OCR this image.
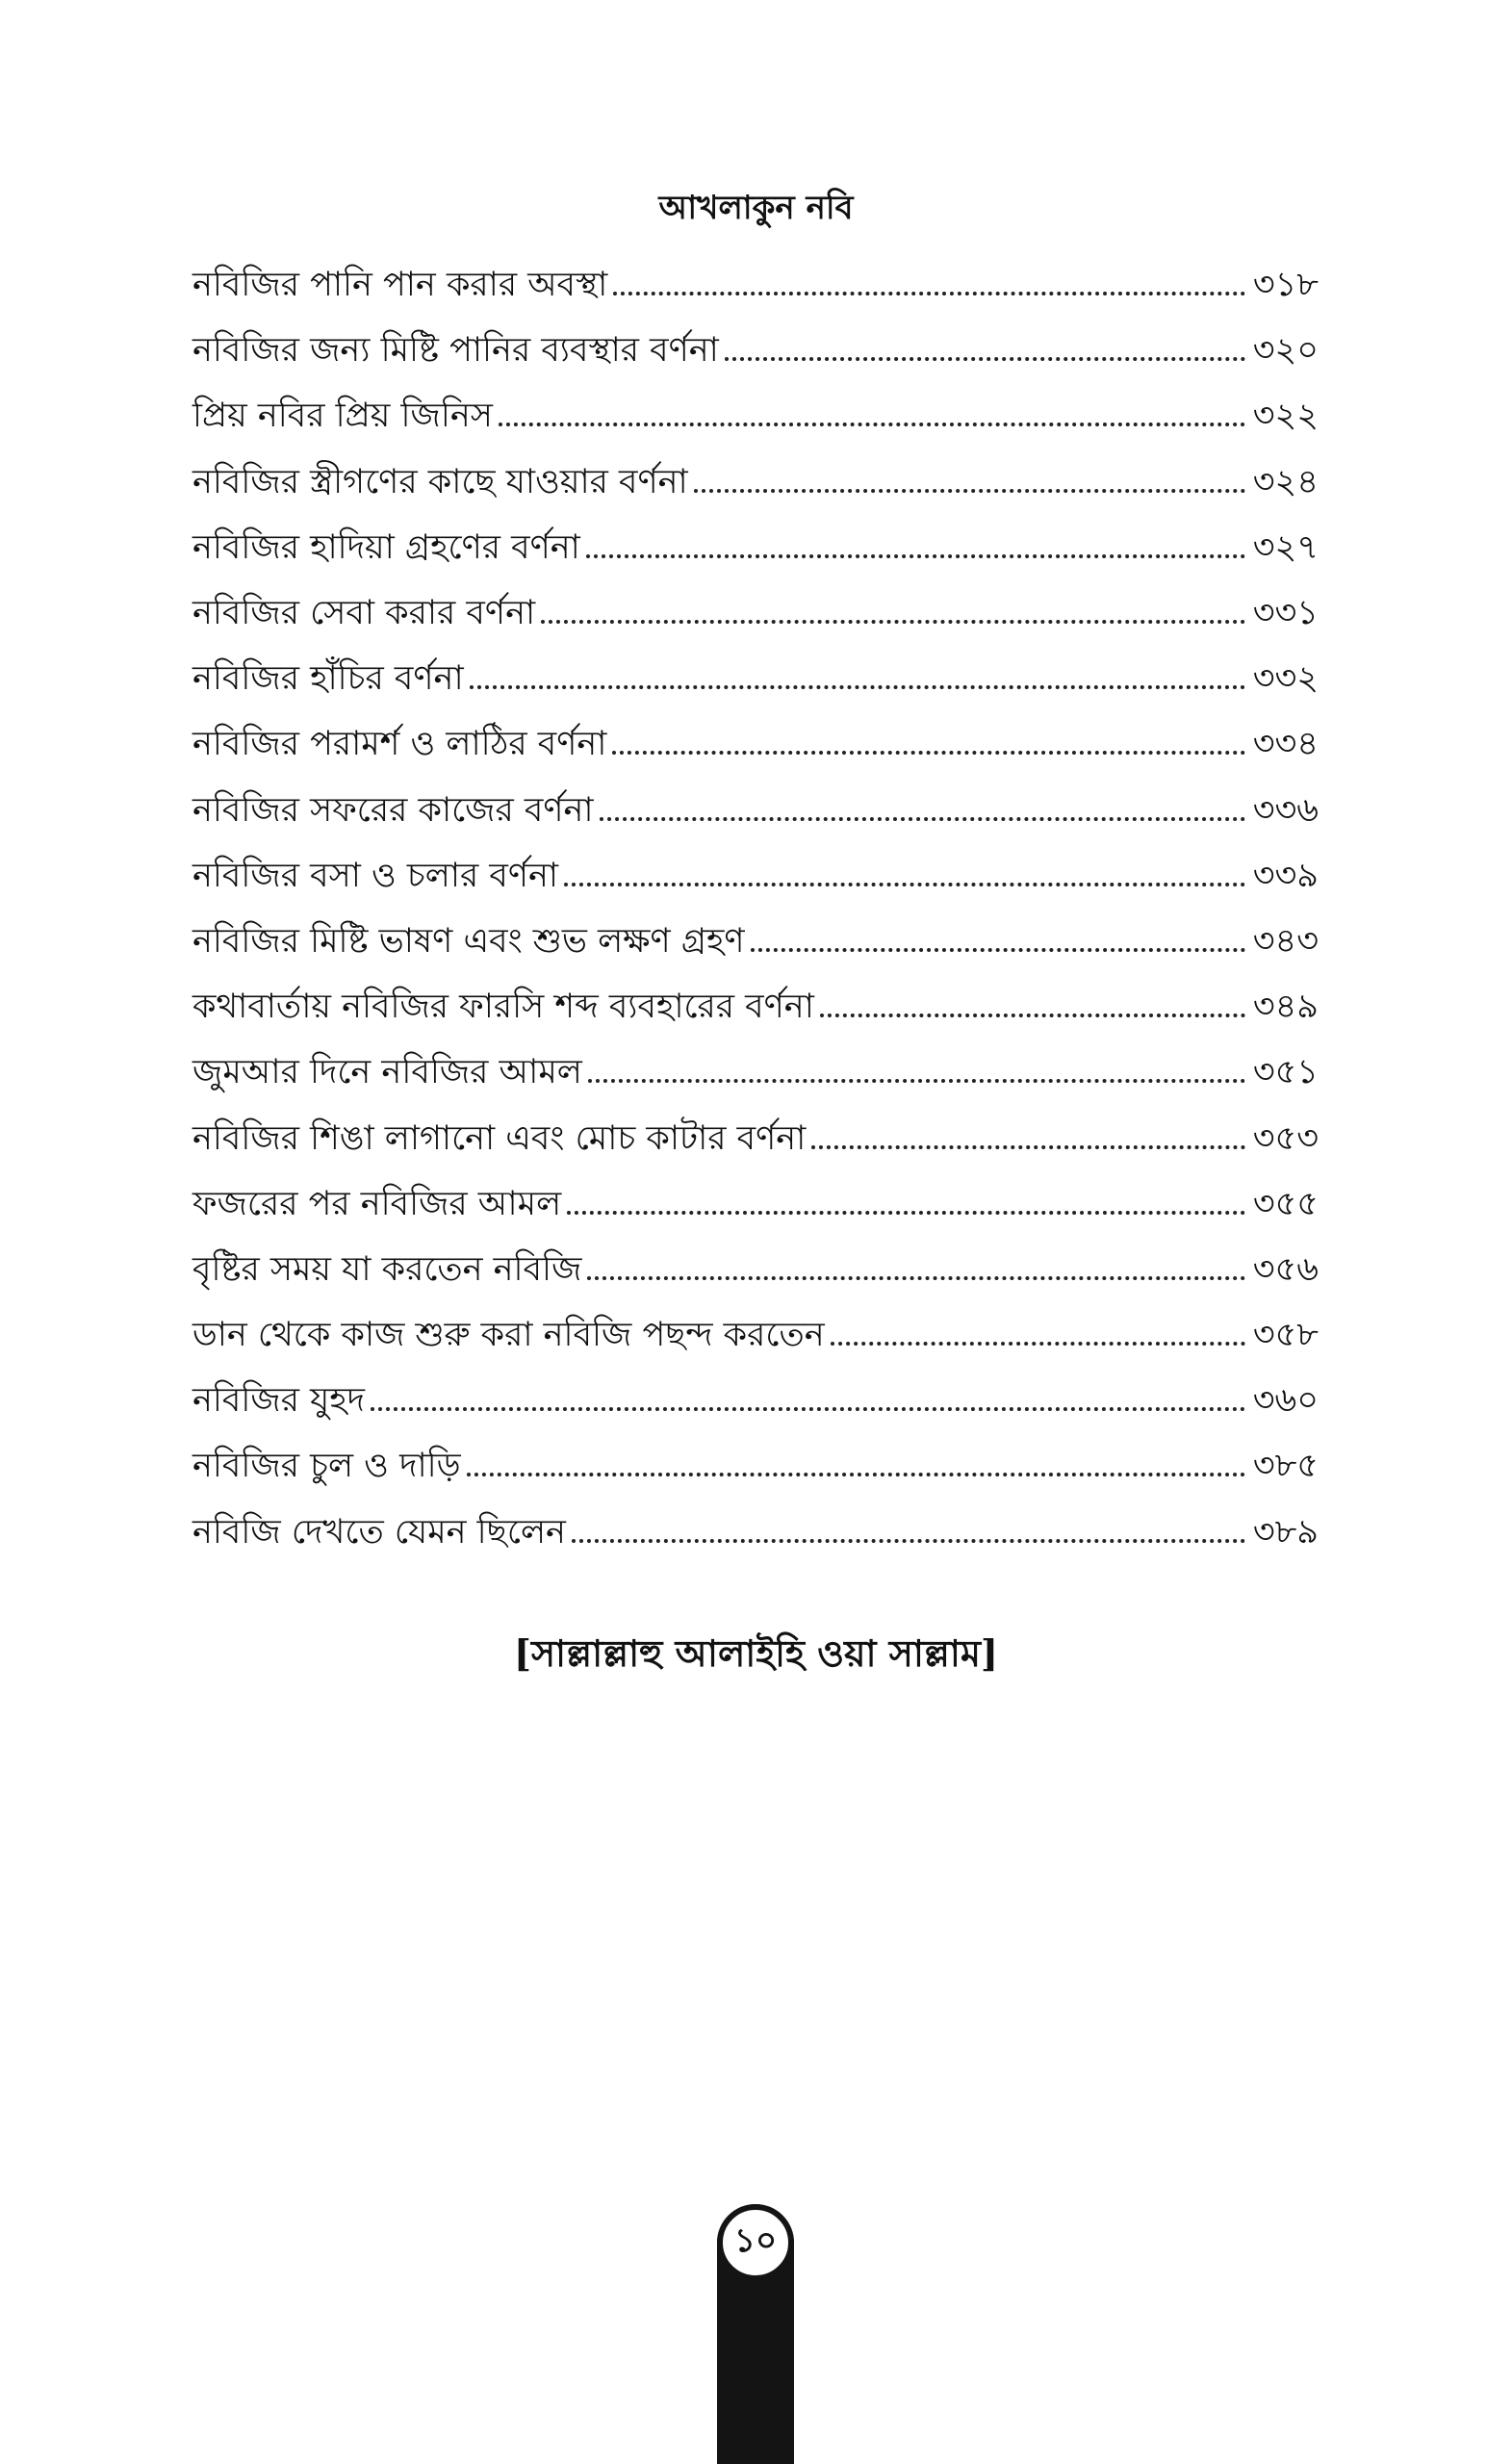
আখলাকুন নবি
নবিজির পানি পান করার অবস্থা	৩১৮
নবিজির জন্য মিষ্টি পানির ব্যবস্থার বর্ণনা	৩২০
প্রিয় নবির প্রিয় জিনিস	৩২২
নবিজির স্ত্রীগণের কাছে যাওয়ার বর্ণনা	৩২৪
নবিজির হাদিয়া গ্রহণের বর্ণনা	৩২৭
নবিজির সেবা করার বর্ণনা	৩৩১
নবিজির হাঁচির বর্ণনা	৩৩২
নবিজির পরামর্শ ও লাঠির বর্ণনা	৩৩৪
নবিজির সফরের কাজের বর্ণনা	৩৩৬
নবিজির বসা ও চলার বর্ণনা	৩৩৯
নবিজির মিষ্টি ভাষণ এবং শুভ লক্ষণ গ্রহণ	৩৪৩
কথাবার্তায় নবিজির ফারসি শব্দ ব্যবহারের বর্ণনা	৩৪৯
জুমআর দিনে নবিজির আমল	৩৫১
নবিজির শিঙা লাগানো এবং মোচ কাটার বর্ণনা	৩৫৩
ফজরের পর নবিজির আমল	৩৫৫
বৃষ্টির সময় যা করতেন নবিজি	৩৫৬
ডান থেকে কাজ শুরু করা নবিজি পছন্দ করতেন	৩৫৮
নবিজির যুহদ	৩৬০
নবিজির চুল ও দাড়ি	৩৮৫
নবিজি দেখতে যেমন ছিলেন	৩৮৯
[সাল্লাল্লাহু আলাইহি ওয়া সাল্লাম]
১০
